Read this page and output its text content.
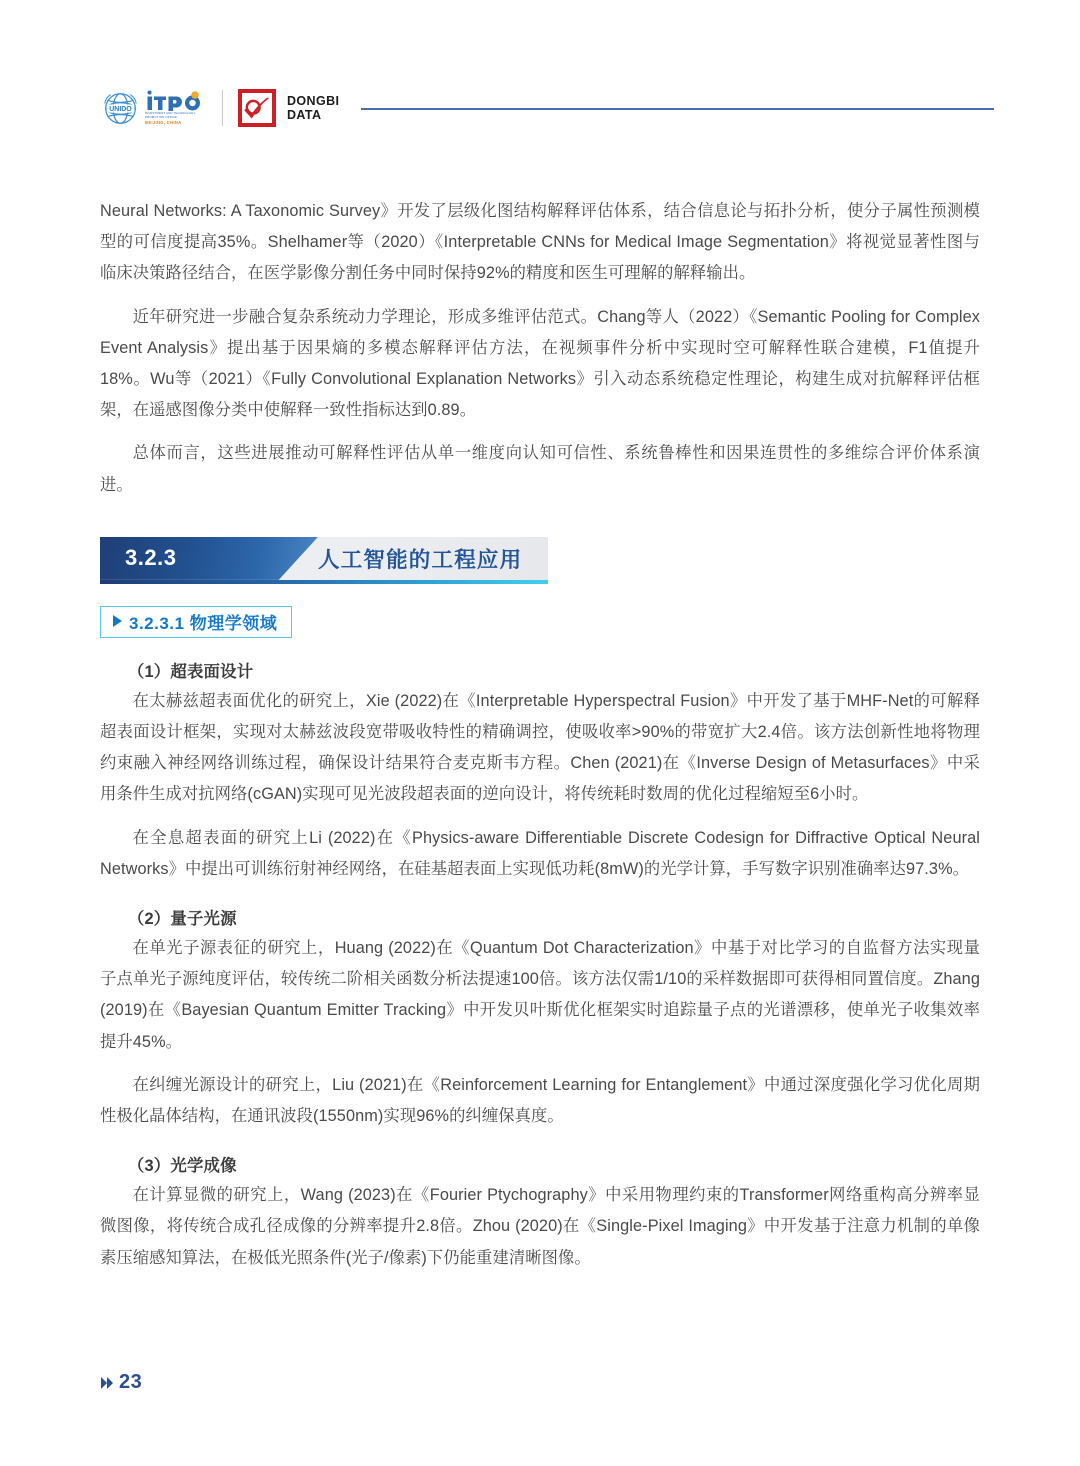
UNIDO
INVESTMENT AND TECHNOLOGY PROMOTION OFFICE
BEIJING, CHINA
DONGBI
DATA

Neural Networks: A Taxonomic Survey》开发了层级化图结构解释评估体系，结合信息论与拓扑分析，使分子属性预测模型的可信度提高35%。Shelhamer等（2020）《Interpretable CNNs for Medical Image Segmentation》将视觉显著性图与临床决策路径结合，在医学影像分割任务中同时保持92%的精度和医生可理解的解释输出。

近年研究进一步融合复杂系统动力学理论，形成多维评估范式。Chang等人（2022）《Semantic Pooling for Complex Event Analysis》提出基于因果熵的多模态解释评估方法，在视频事件分析中实现时空可解释性联合建模，F1值提升18%。Wu等（2021）《Fully Convolutional Explanation Networks》引入动态系统稳定性理论，构建生成对抗解释评估框架，在遥感图像分类中使解释一致性指标达到0.89。

总体而言，这些进展推动可解释性评估从单一维度向认知可信性、系统鲁棒性和因果连贯性的多维综合评价体系演进。

3.2.3	人工智能的工程应用
3.2.3.1 物理学领域
（1）超表面设计

在太赫兹超表面优化的研究上，Xie (2022)在《Interpretable Hyperspectral Fusion》中开发了基于MHF-Net的可解释超表面设计框架，实现对太赫兹波段宽带吸收特性的精确调控，使吸收率>90%的带宽扩大2.4倍。该方法创新性地将物理约束融入神经网络训练过程，确保设计结果符合麦克斯韦方程。Chen (2021)在《Inverse Design of Metasurfaces》中采用条件生成对抗网络(cGAN)实现可见光波段超表面的逆向设计，将传统耗时数周的优化过程缩短至6小时。

在全息超表面的研究上Li (2022)在《Physics-aware Differentiable Discrete Codesign for Diffractive Optical Neural Networks》中提出可训练衍射神经网络，在硅基超表面上实现低功耗(8mW)的光学计算，手写数字识别准确率达97.3%。

（2）量子光源

在单光子源表征的研究上，Huang (2022)在《Quantum Dot Characterization》中基于对比学习的自监督方法实现量子点单光子源纯度评估，较传统二阶相关函数分析法提速100倍。该方法仅需1/10的采样数据即可获得相同置信度。Zhang (2019)在《Bayesian Quantum Emitter Tracking》中开发贝叶斯优化框架实时追踪量子点的光谱漂移，使单光子收集效率提升45%。

在纠缠光源设计的研究上，Liu (2021)在《Reinforcement Learning for Entanglement》中通过深度强化学习优化周期性极化晶体结构，在通讯波段(1550nm)实现96%的纠缠保真度。

（3）光学成像

在计算显微的研究上，Wang (2023)在《Fourier Ptychography》中采用物理约束的Transformer网络重构高分辨率显微图像，将传统合成孔径成像的分辨率提升2.8倍。Zhou (2020)在《Single-Pixel Imaging》中开发基于注意力机制的单像素压缩感知算法，在极低光照条件(光子/像素)下仍能重建清晰图像。

23
